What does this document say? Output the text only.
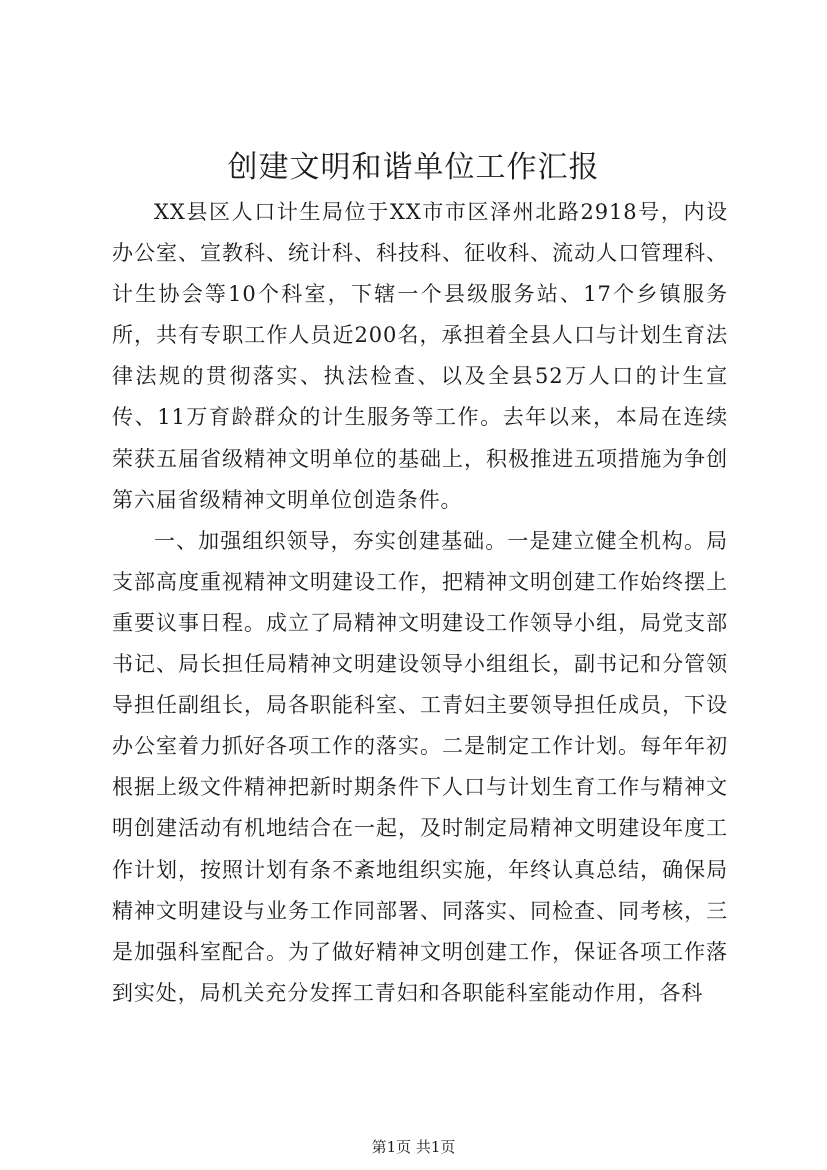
创建文明和谐单位工作汇报

XX县区人口计生局位于XX市市区泽州北路2918号，内设办公室、宣教科、统计科、科技科、征收科、流动人口管理科、计生协会等10个科室，下辖一个县级服务站、17个乡镇服务所，共有专职工作人员近200名，承担着全县人口与计划生育法律法规的贯彻落实、执法检查、以及全县52万人口的计生宣传、11万育龄群众的计生服务等工作。去年以来，本局在连续荣获五届省级精神文明单位的基础上，积极推进五项措施为争创第六届省级精神文明单位创造条件。

一、加强组织领导，夯实创建基础。一是建立健全机构。局支部高度重视精神文明建设工作，把精神文明创建工作始终摆上重要议事日程。成立了局精神文明建设工作领导小组，局党支部书记、局长担任局精神文明建设领导小组组长，副书记和分管领导担任副组长，局各职能科室、工青妇主要领导担任成员，下设办公室着力抓好各项工作的落实。二是制定工作计划。每年年初根据上级文件精神把新时期条件下人口与计划生育工作与精神文明创建活动有机地结合在一起，及时制定局精神文明建设年度工作计划，按照计划有条不紊地组织实施，年终认真总结，确保局精神文明建设与业务工作同部署、同落实、同检查、同考核，三是加强科室配合。为了做好精神文明创建工作，保证各项工作落到实处，局机关充分发挥工青妇和各职能科室能动作用，各科

第1页 共1页
